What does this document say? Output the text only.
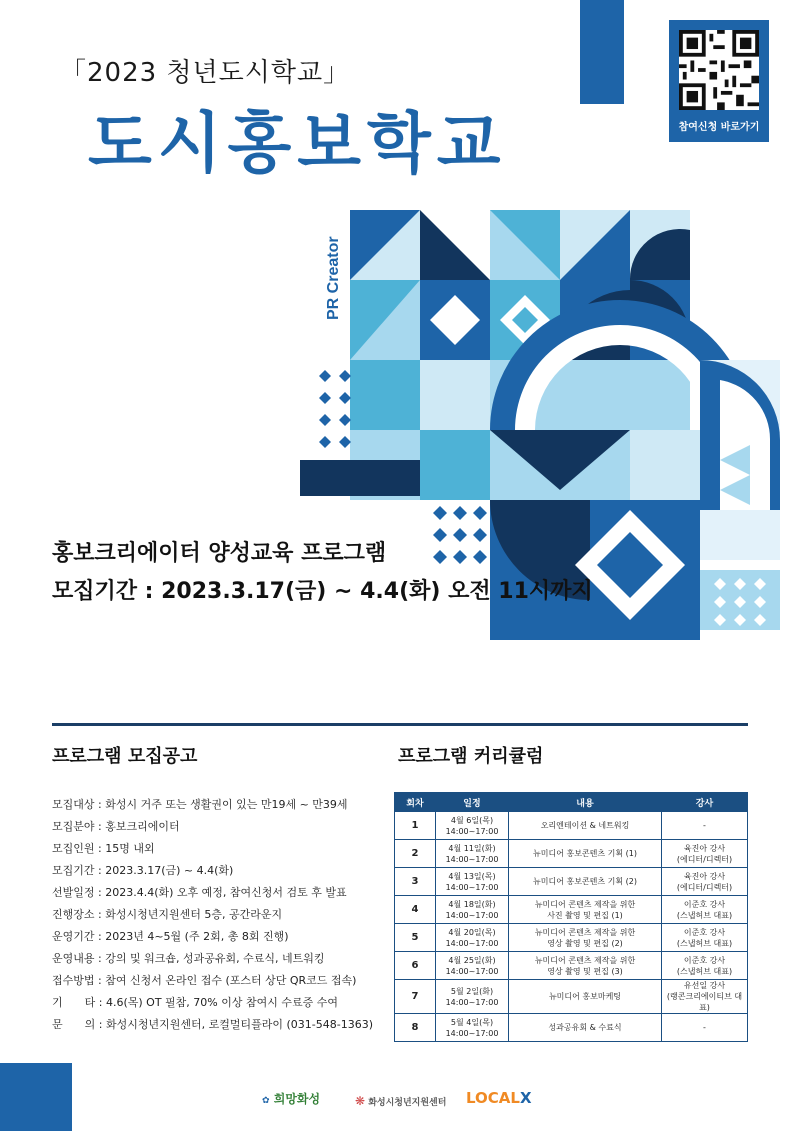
참여신청 바로가기
「2023 청년도시학교」
도시홍보학교
PR Creator
홍보크리에이터 양성교육 프로그램
모집기간 : 2023.3.17(금) ~ 4.4(화) 오전 11시까지
프로그램 모집공고	프로그램 커리큘럼
모집대상 : 화성시 거주 또는 생활권이 있는 만19세 ~ 만39세
모집분야 : 홍보크리에이터
모집인원 : 15명 내외
모집기간 : 2023.3.17(금) ~ 4.4(화)
선발일정 : 2023.4.4(화) 오후 예정, 참여신청서 검토 후 발표
진행장소 : 화성시청년지원센터 5층, 공간라운지
운영기간 : 2023년 4~5월 (주 2회, 총 8회 진행)
운영내용 : 강의 및 워크숍, 성과공유회, 수료식, 네트워킹
접수방법 : 참여 신청서 온라인 접수 (포스터 상단 QR코드 접속)
기　　타 : 4.6(목) OT 필참, 70% 이상 참여시 수료증 수여
문　　의 : 화성시청년지원센터, 로컬멀티플라이 (031-548-1363)
회차	일정	내용	강사
1	4월 6일(목)
14:00~17:00	오리엔테이션 & 네트워킹	-
2	4월 11일(화)
14:00~17:00	뉴미디어 홍보콘텐츠 기획 (1)	육진아 강사
(에디터/디렉터)
3	4월 13일(목)
14:00~17:00	뉴미디어 홍보콘텐츠 기획 (2)	육진아 강사
(에디터/디렉터)
4	4월 18일(화)
14:00~17:00	뉴미디어 콘텐츠 제작을 위한
사진 촬영 및 편집 (1)	이준호 강사
(스냅허브 대표)
5	4월 20일(목)
14:00~17:00	뉴미디어 콘텐츠 제작을 위한
영상 촬영 및 편집 (2)	이준호 강사
(스냅허브 대표)
6	4월 25일(화)
14:00~17:00	뉴미디어 콘텐츠 제작을 위한
영상 촬영 및 편집 (3)	이준호 강사
(스냅허브 대표)
7	5월 2일(화)
14:00~17:00	뉴미디어 홍보마케팅	유선일 강사
(랭콘크리에이티브 대표)
8	5월 4일(목)
14:00~17:00	성과공유회 & 수료식	-
✿ 희망화성	❋ 화성시청년지원센터 LOCALX
